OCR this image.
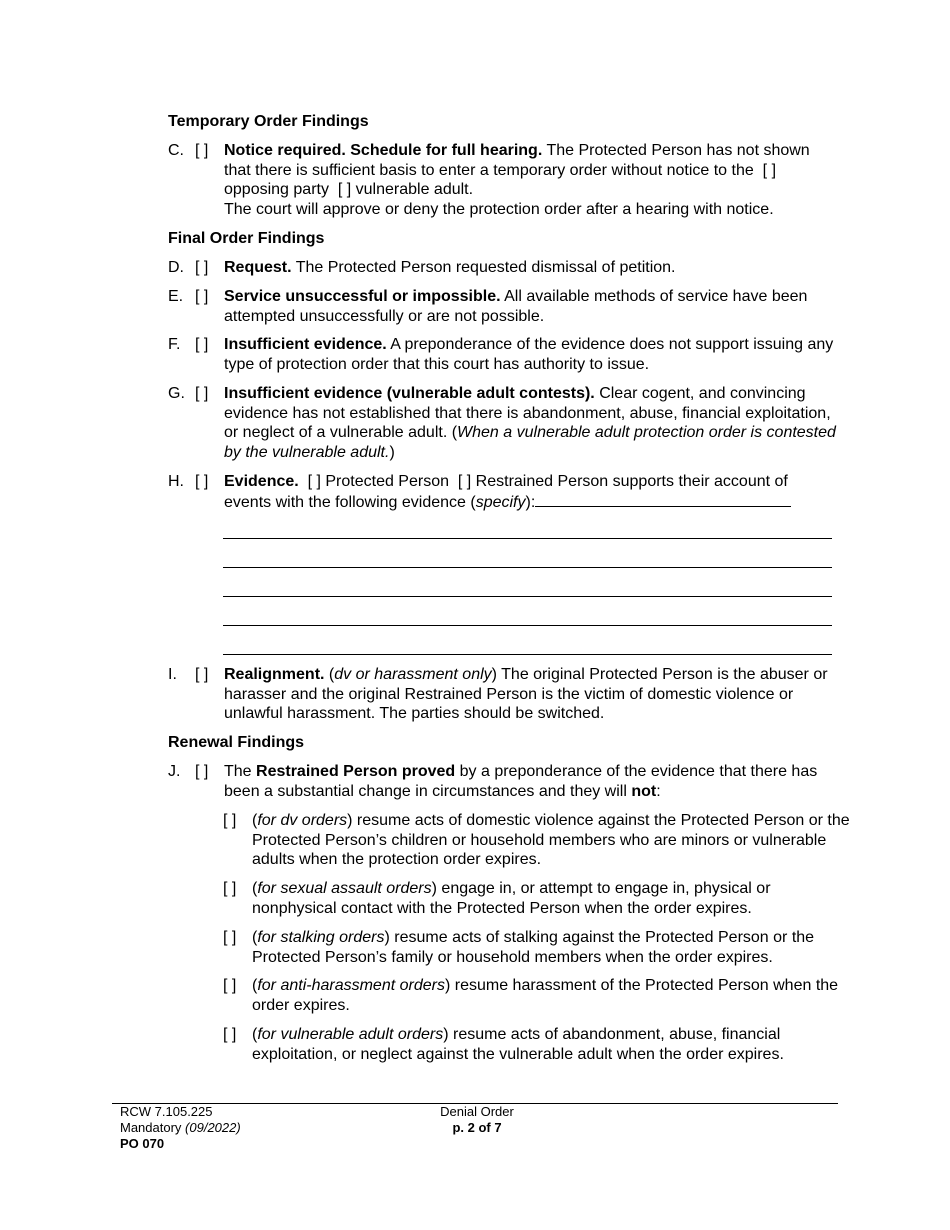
Temporary Order Findings
C. [ ] Notice required. Schedule for full hearing. The Protected Person has not shown that there is sufficient basis to enter a temporary order without notice to the  [ ] opposing party [ ] vulnerable adult.
The court will approve or deny the protection order after a hearing with notice.
Final Order Findings
D. [ ] Request. The Protected Person requested dismissal of petition.
E. [ ] Service unsuccessful or impossible. All available methods of service have been attempted unsuccessfully or are not possible.
F. [ ] Insufficient evidence. A preponderance of the evidence does not support issuing any type of protection order that this court has authority to issue.
G. [ ] Insufficient evidence (vulnerable adult contests). Clear cogent, and convincing evidence has not established that there is abandonment, abuse, financial exploitation, or neglect of a vulnerable adult. (When a vulnerable adult protection order is contested by the vulnerable adult.)
H. [ ] Evidence. [ ] Protected Person [ ] Restrained Person supports their account of events with the following evidence (specify):
I.	[ ] Realignment. (dv or harassment only) The original Protected Person is the abuser or harasser and the original Restrained Person is the victim of domestic violence or unlawful harassment. The parties should be switched.
Renewal Findings
J. [ ] The Restrained Person proved by a preponderance of the evidence that there has been a substantial change in circumstances and they will not:
[ ] (for dv orders) resume acts of domestic violence against the Protected Person or the Protected Person’s children or household members who are minors or vulnerable adults when the protection order expires.
[ ] (for sexual assault orders) engage in, or attempt to engage in, physical or nonphysical contact with the Protected Person when the order expires.
[ ] (for stalking orders) resume acts of stalking against the Protected Person or the Protected Person’s family or household members when the order expires.
[ ] (for anti-harassment orders) resume harassment of the Protected Person when the order expires.
[ ] (for vulnerable adult orders) resume acts of abandonment, abuse, financial exploitation, or neglect against the vulnerable adult when the order expires.
RCW 7.105.225
Mandatory (09/2022)
PO 070
Denial Order
p. 2 of 7
